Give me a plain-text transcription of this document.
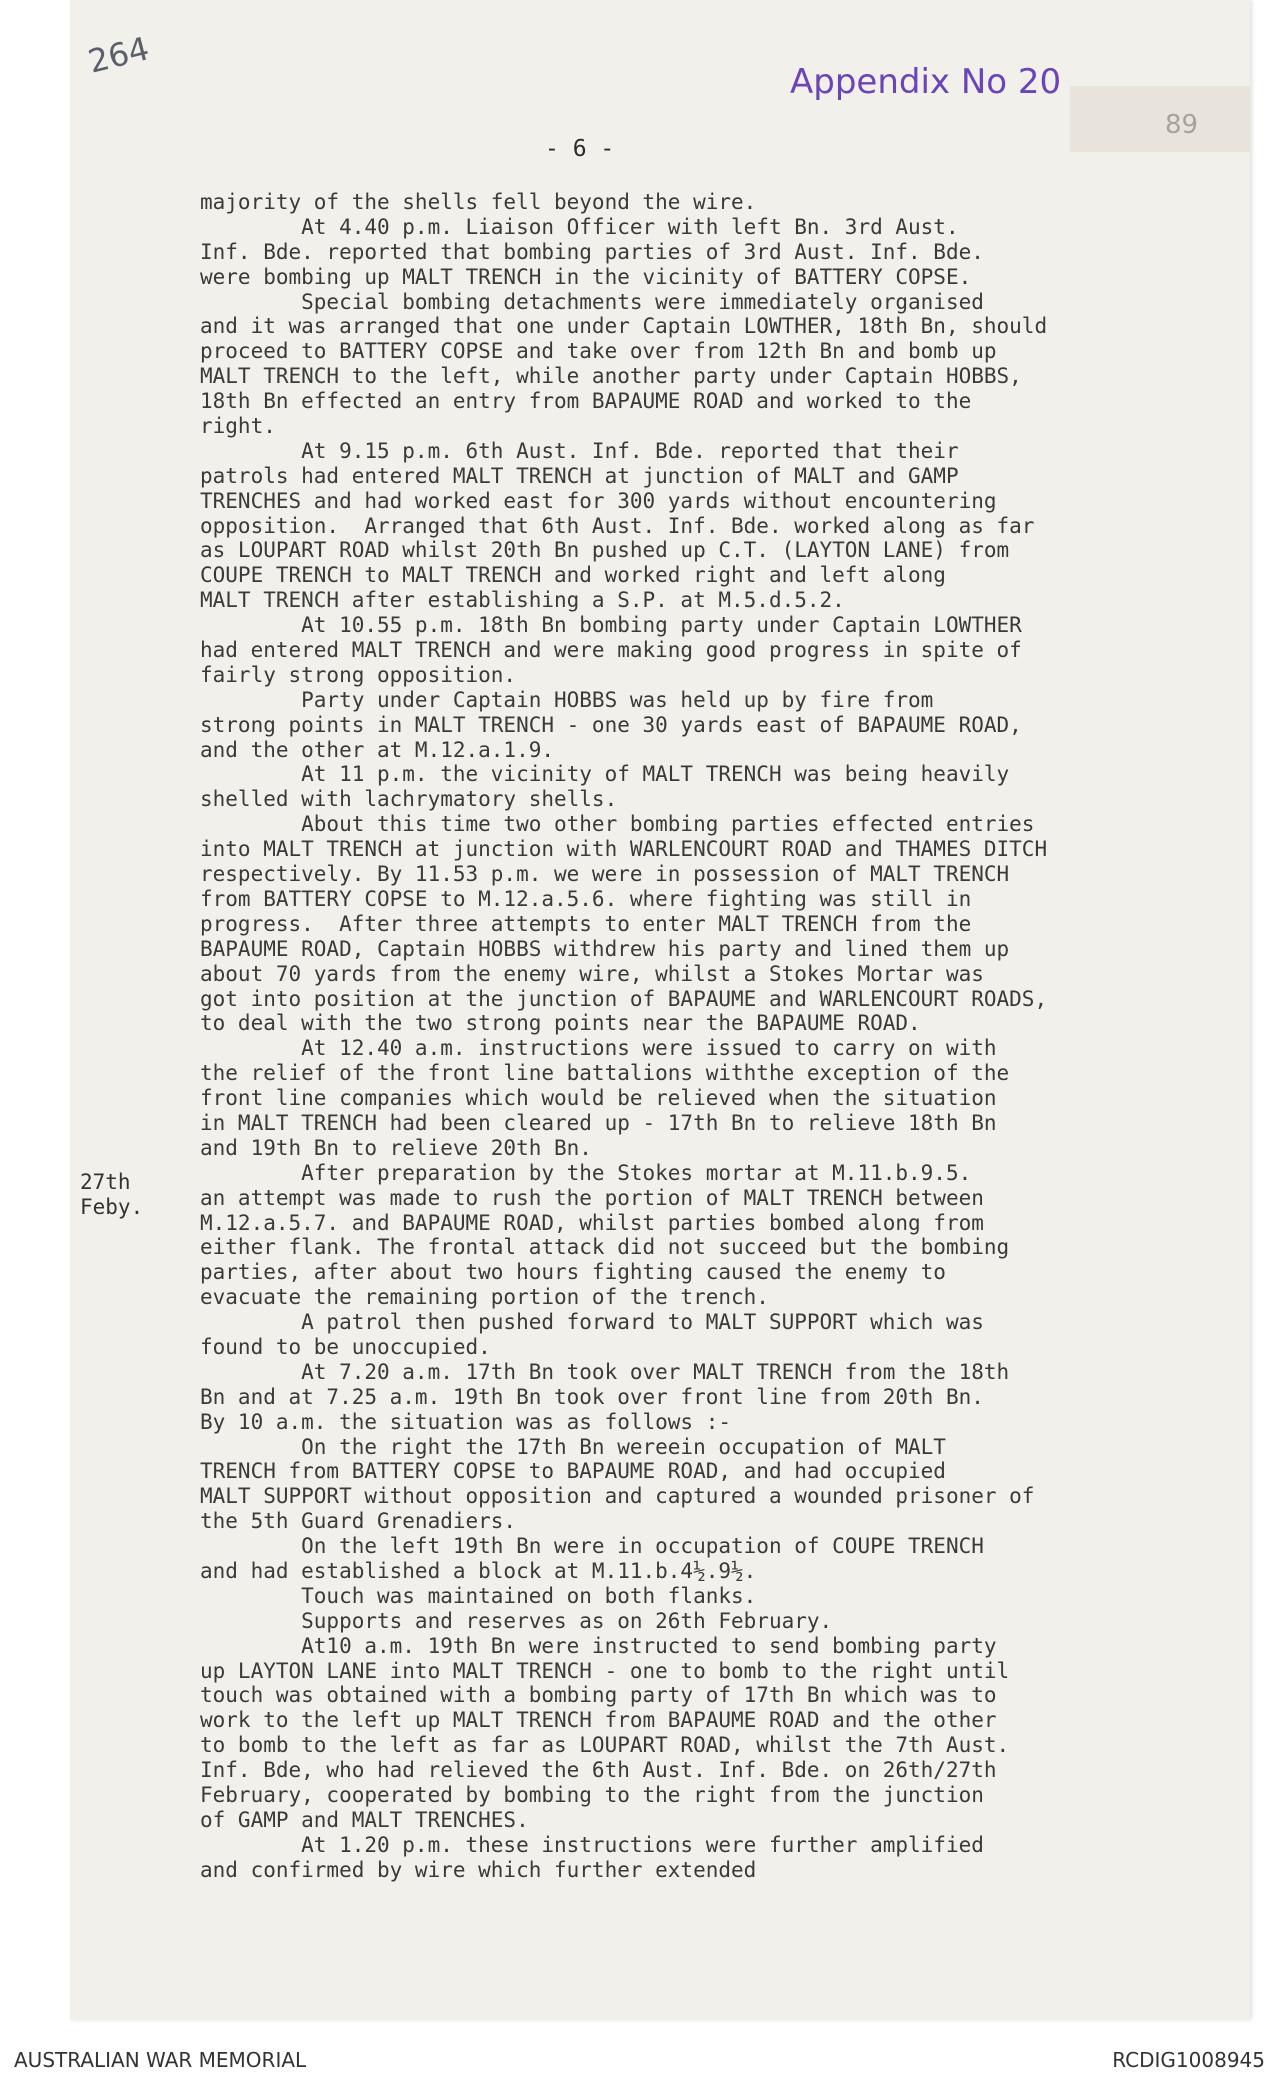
264
Appendix No 20
89
- 6 -
27th
Feby.
majority of the shells fell beyond the wire.
At 4.40 p.m. Liaison Officer with left Bn. 3rd Aust.
Inf. Bde. reported that bombing parties of 3rd Aust. Inf. Bde.
were bombing up MALT TRENCH in the vicinity of BATTERY COPSE.
Special bombing detachments were immediately organised
and it was arranged that one under Captain LOWTHER, 18th Bn, should
proceed to BATTERY COPSE and take over from 12th Bn and bomb up
MALT TRENCH to the left, while another party under Captain HOBBS,
18th Bn effected an entry from BAPAUME ROAD and worked to the
right.
At 9.15 p.m. 6th Aust. Inf. Bde. reported that their
patrols had entered MALT TRENCH at junction of MALT and GAMP
TRENCHES and had worked east for 300 yards without encountering
opposition.  Arranged that 6th Aust. Inf. Bde. worked along as far
as LOUPART ROAD whilst 20th Bn pushed up C.T. (LAYTON LANE) from
COUPE TRENCH to MALT TRENCH and worked right and left along
MALT TRENCH after establishing a S.P. at M.5.d.5.2.
At 10.55 p.m. 18th Bn bombing party under Captain LOWTHER
had entered MALT TRENCH and were making good progress in spite of
fairly strong opposition.
Party under Captain HOBBS was held up by fire from
strong points in MALT TRENCH - one 30 yards east of BAPAUME ROAD,
and the other at M.12.a.1.9.
At 11 p.m. the vicinity of MALT TRENCH was being heavily
shelled with lachrymatory shells.
About this time two other bombing parties effected entries
into MALT TRENCH at junction with WARLENCOURT ROAD and THAMES DITCH
respectively. By 11.53 p.m. we were in possession of MALT TRENCH
from BATTERY COPSE to M.12.a.5.6. where fighting was still in
progress.  After three attempts to enter MALT TRENCH from the
BAPAUME ROAD, Captain HOBBS withdrew his party and lined them up
about 70 yards from the enemy wire, whilst a Stokes Mortar was
got into position at the junction of BAPAUME and WARLENCOURT ROADS,
to deal with the two strong points near the BAPAUME ROAD.
At 12.40 a.m. instructions were issued to carry on with
the relief of the front line battalions withthe exception of the
front line companies which would be relieved when the situation
in MALT TRENCH had been cleared up - 17th Bn to relieve 18th Bn
and 19th Bn to relieve 20th Bn.
After preparation by the Stokes mortar at M.11.b.9.5.
an attempt was made to rush the portion of MALT TRENCH between
M.12.a.5.7. and BAPAUME ROAD, whilst parties bombed along from
either flank. The frontal attack did not succeed but the bombing
parties, after about two hours fighting caused the enemy to
evacuate the remaining portion of the trench.
A patrol then pushed forward to MALT SUPPORT which was
found to be unoccupied.
At 7.20 a.m. 17th Bn took over MALT TRENCH from the 18th
Bn and at 7.25 a.m. 19th Bn took over front line from 20th Bn.
By 10 a.m. the situation was as follows :-
On the right the 17th Bn wereein occupation of MALT
TRENCH from BATTERY COPSE to BAPAUME ROAD, and had occupied
MALT SUPPORT without opposition and captured a wounded prisoner of
the 5th Guard Grenadiers.
On the left 19th Bn were in occupation of COUPE TRENCH
and had established a block at M.11.b.4½.9½.
Touch was maintained on both flanks.
Supports and reserves as on 26th February.
At10 a.m. 19th Bn were instructed to send bombing party
up LAYTON LANE into MALT TRENCH - one to bomb to the right until
touch was obtained with a bombing party of 17th Bn which was to
work to the left up MALT TRENCH from BAPAUME ROAD and the other
to bomb to the left as far as LOUPART ROAD, whilst the 7th Aust.
Inf. Bde, who had relieved the 6th Aust. Inf. Bde. on 26th/27th
February, cooperated by bombing to the right from the junction
of GAMP and MALT TRENCHES.
At 1.20 p.m. these instructions were further amplified
and confirmed by wire which further extended
AUSTRALIAN WAR MEMORIAL	RCDIG1008945
